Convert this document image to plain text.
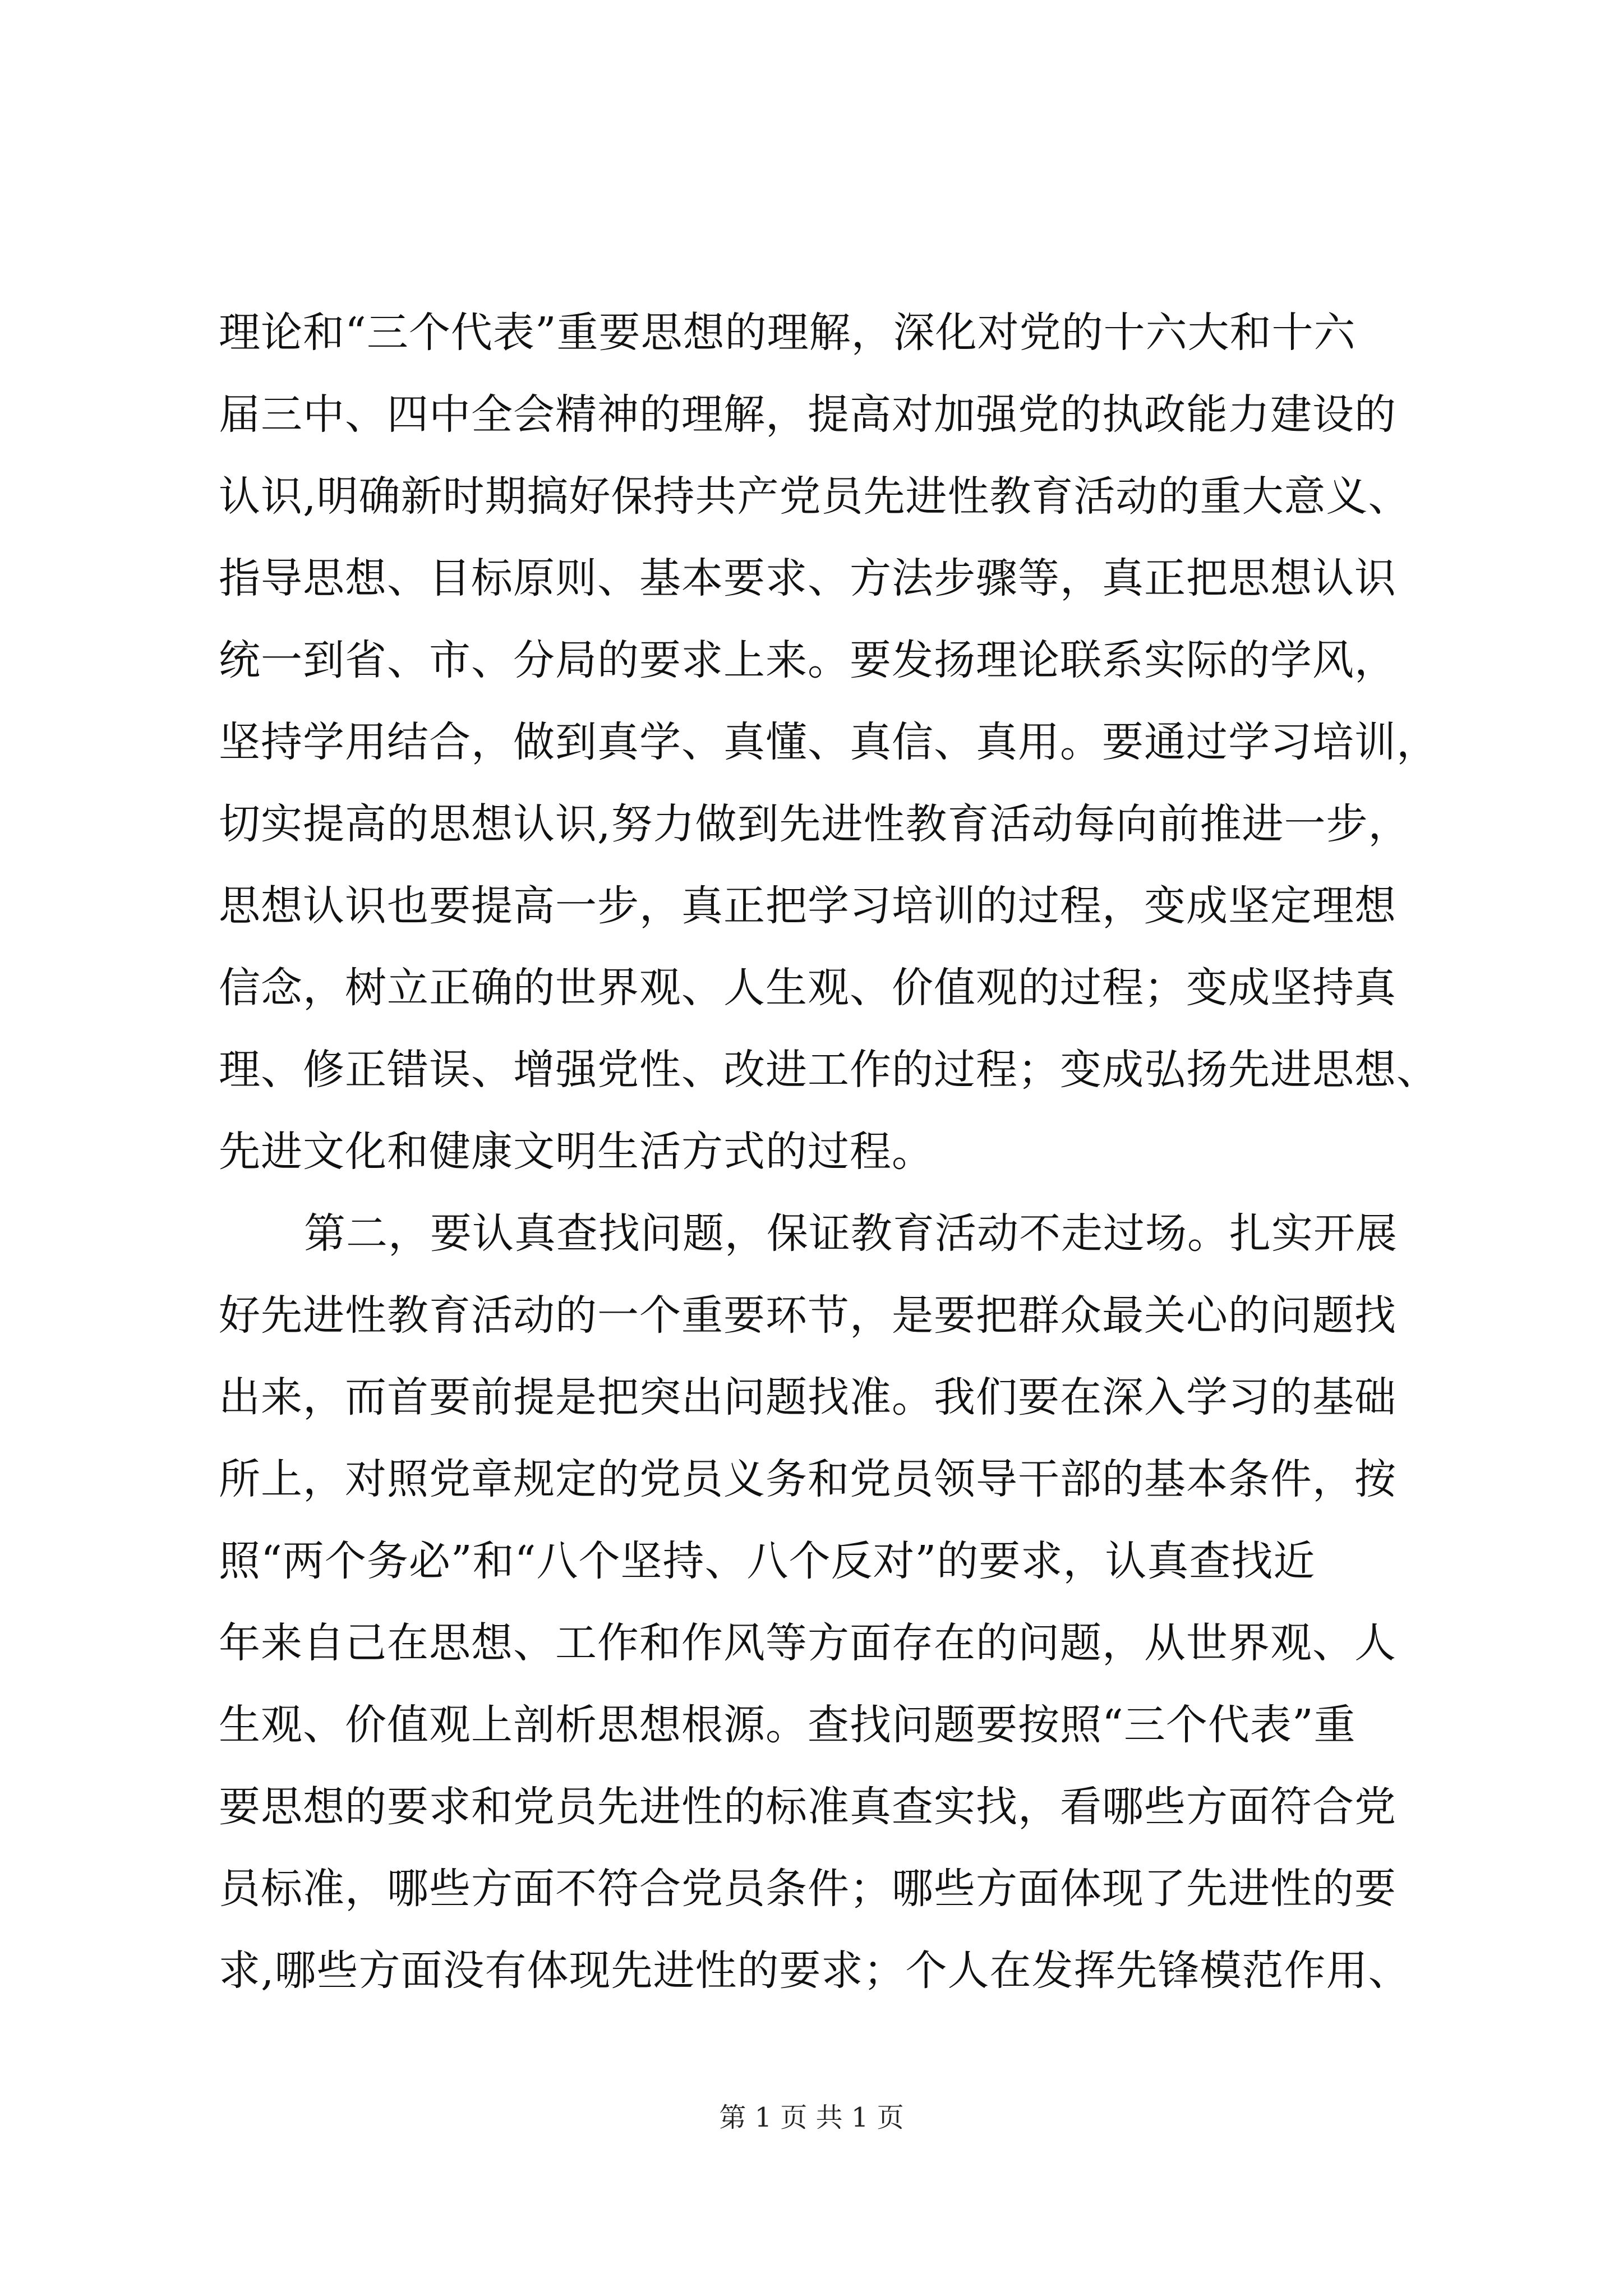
理论和“三个代表”重要思想的理解，深化对党的十六大和十六
届三中、四中全会精神的理解，提高对加强党的执政能力建设的
认识,明确新时期搞好保持共产党员先进性教育活动的重大意义、
指导思想、目标原则、基本要求、方法步骤等，真正把思想认识
统一到省、市、分局的要求上来。要发扬理论联系实际的学风，
坚持学用结合，做到真学、真懂、真信、真用。要通过学习培训，
切实提高的思想认识,努力做到先进性教育活动每向前推进一步，
思想认识也要提高一步，真正把学习培训的过程，变成坚定理想
信念，树立正确的世界观、人生观、价值观的过程；变成坚持真
理、修正错误、增强党性、改进工作的过程；变成弘扬先进思想、
先进文化和健康文明生活方式的过程。
第二，要认真查找问题，保证教育活动不走过场。扎实开展
好先进性教育活动的一个重要环节，是要把群众最关心的问题找
出来，而首要前提是把突出问题找准。我们要在深入学习的基础
所上，对照党章规定的党员义务和党员领导干部的基本条件，按
照“两个务必”和“八个坚持、八个反对”的要求，认真查找近
年来自己在思想、工作和作风等方面存在的问题，从世界观、人
生观、价值观上剖析思想根源。查找问题要按照“三个代表”重
要思想的要求和党员先进性的标准真查实找，看哪些方面符合党
员标准，哪些方面不符合党员条件；哪些方面体现了先进性的要
求,哪些方面没有体现先进性的要求；个人在发挥先锋模范作用、
第 1 页 共 1 页
